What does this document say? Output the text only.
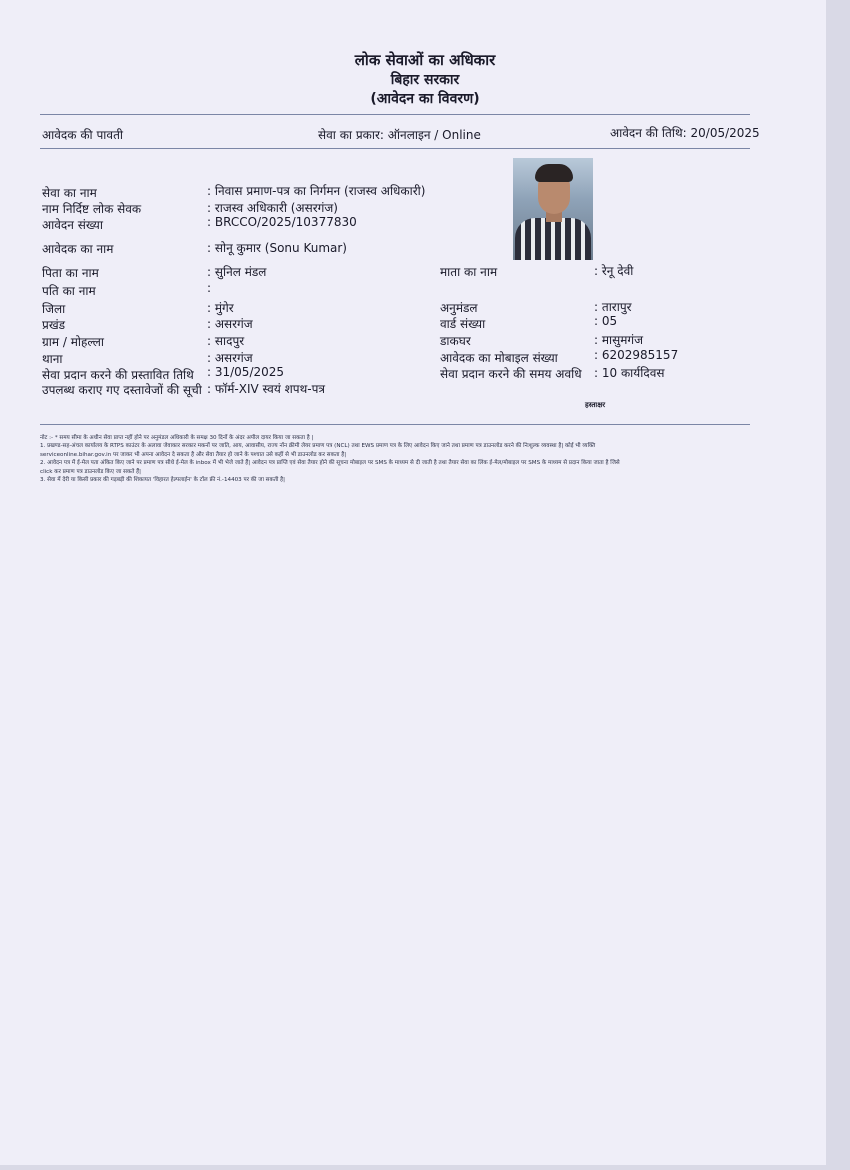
लोक सेवाओं का अधिकार
बिहार सरकार
(आवेदन का विवरण)
आवेदक की पावती	सेवा का प्रकार: ऑनलाइन / Online	आवेदन की तिथि: 20/05/2025
सेवा का नाम	: निवास प्रमाण-पत्र का निर्गमन (राजस्व अधिकारी)
नाम निर्दिष्ट लोक सेवक	: राजस्व अधिकारी (असरगंज)
आवेदन संख्या	: BRCCO/2025/10377830
आवेदक का नाम	: सोनू कुमार (Sonu Kumar)
पिता का नाम	: सुनिल मंडल	माता का नाम	: रेनू देवी
पति का नाम	:
जिला	: मुंगेर	अनुमंडल	: तारापुर
प्रखंड	: असरगंज	वार्ड संख्या	: 05
ग्राम / मोहल्ला	: सादपुर	डाकघर	: मासुमगंज
थाना	: असरगंज	आवेदक का मोबाइल संख्या	: 6202985157
सेवा प्रदान करने की प्रस्तावित तिथि : 31/05/2025	सेवा प्रदान करने की समय अवधि : 10 कार्यदिवस
उपलब्ध कराए गए दस्तावेजों की सूची : फॉर्म-XIV स्वयं शपथ-पत्र
हस्ताक्षर
नोट :- * समय सीमा के अधीन सेवा प्राप्त नहीं होने पर अनुमंडल अधिकारी के समक्ष 30 दिनों के अंदर अपील दायर किया जा सकता है |
1. प्रखण्ड-सह-अंचल कार्यालय के RTPS काउंटर के अलावा जेवाकार सरकार मकनों पर जाति, आय, आवासीय, राज्य नॉन क्रीमी लेयर प्रमाण पत्र (NCL) तथा EWS प्रमाण पत्र के लिए आवेदन किए जाने तथा प्रमाण पत्र डाउनलोड करने की निःशुल्क व्यवस्था है| कोई भी व्यक्ति
serviceonline.bihar.gov.in पर जाकर भी अपना आवेदन दे सकता है और सेवा तैयार हो जाने के पश्चात उसे कहीं से भी डाउनलोड कर सकता है|
2. आवेदन पत्र में ई-मेल पता अंकित किए जाने पर प्रमाण पत्र सीधे ई-मेल के inbox में भी भेजे जाते हैं| आवेदन पत्र प्राप्ति एवं सेवा तैयार होने की सूचना मोबाइल पर SMS के माध्यम से दी जाती है तथा तैयार सेवा का लिंक ई-मेल/मोबाइल पर SMS के माध्यम से प्रदान किया जाता है जिसे
click कर प्रमाण पत्र डाउनलोड किए जा सकते हैं|
3. सेवा में देरी या किसी प्रकार की गड़बड़ी की शिकायत 'विहारत हेल्पलाईन' के टॉल फ्री नं.-14403 पर की जा सकती है|
